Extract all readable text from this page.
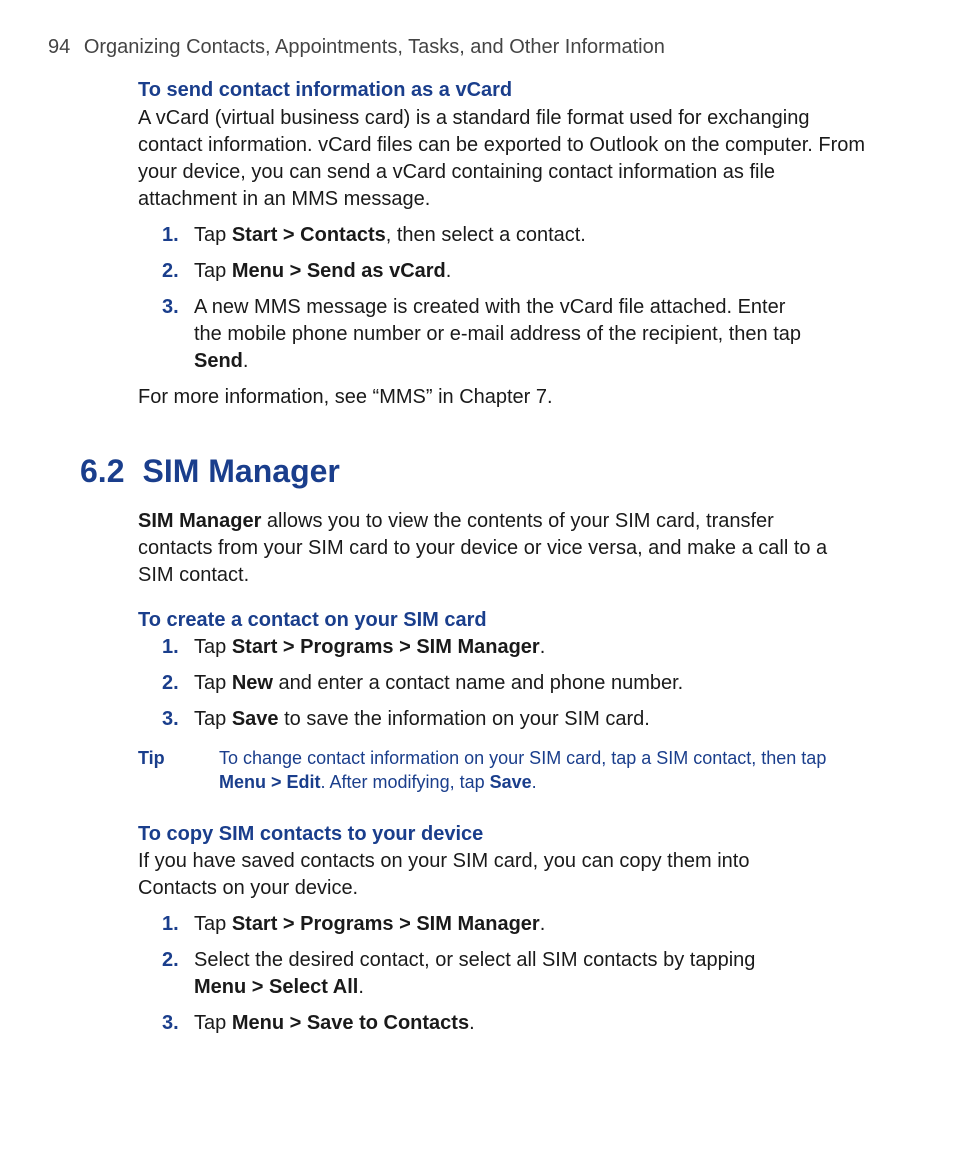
94 Organizing Contacts, Appointments, Tasks, and Other Information

To send contact information as a vCard

A vCard (virtual business card) is a standard file format used for exchanging contact information. vCard files can be exported to Outlook on the computer. From your device, you can send a vCard containing contact information as file attachment in an MMS message.

1. Tap Start > Contacts, then select a contact.
2. Tap Menu > Send as vCard.
3. A new MMS message is created with the vCard file attached. Enter the mobile phone number or e-mail address of the recipient, then tap Send.

For more information, see “MMS” in Chapter 7.

6.2 SIM Manager

SIM Manager allows you to view the contents of your SIM card, transfer contacts from your SIM card to your device or vice versa, and make a call to a SIM contact.

To create a contact on your SIM card

1. Tap Start > Programs > SIM Manager.
2. Tap New and enter a contact name and phone number.
3. Tap Save to save the information on your SIM card.
Tip	To change contact information on your SIM card, tap a SIM contact, then tap Menu > Edit. After modifying, tap Save.

To copy SIM contacts to your device

If you have saved contacts on your SIM card, you can copy them into Contacts on your device.

1. Tap Start > Programs > SIM Manager.
2. Select the desired contact, or select all SIM contacts by tapping Menu > Select All.
3. Tap Menu > Save to Contacts.
